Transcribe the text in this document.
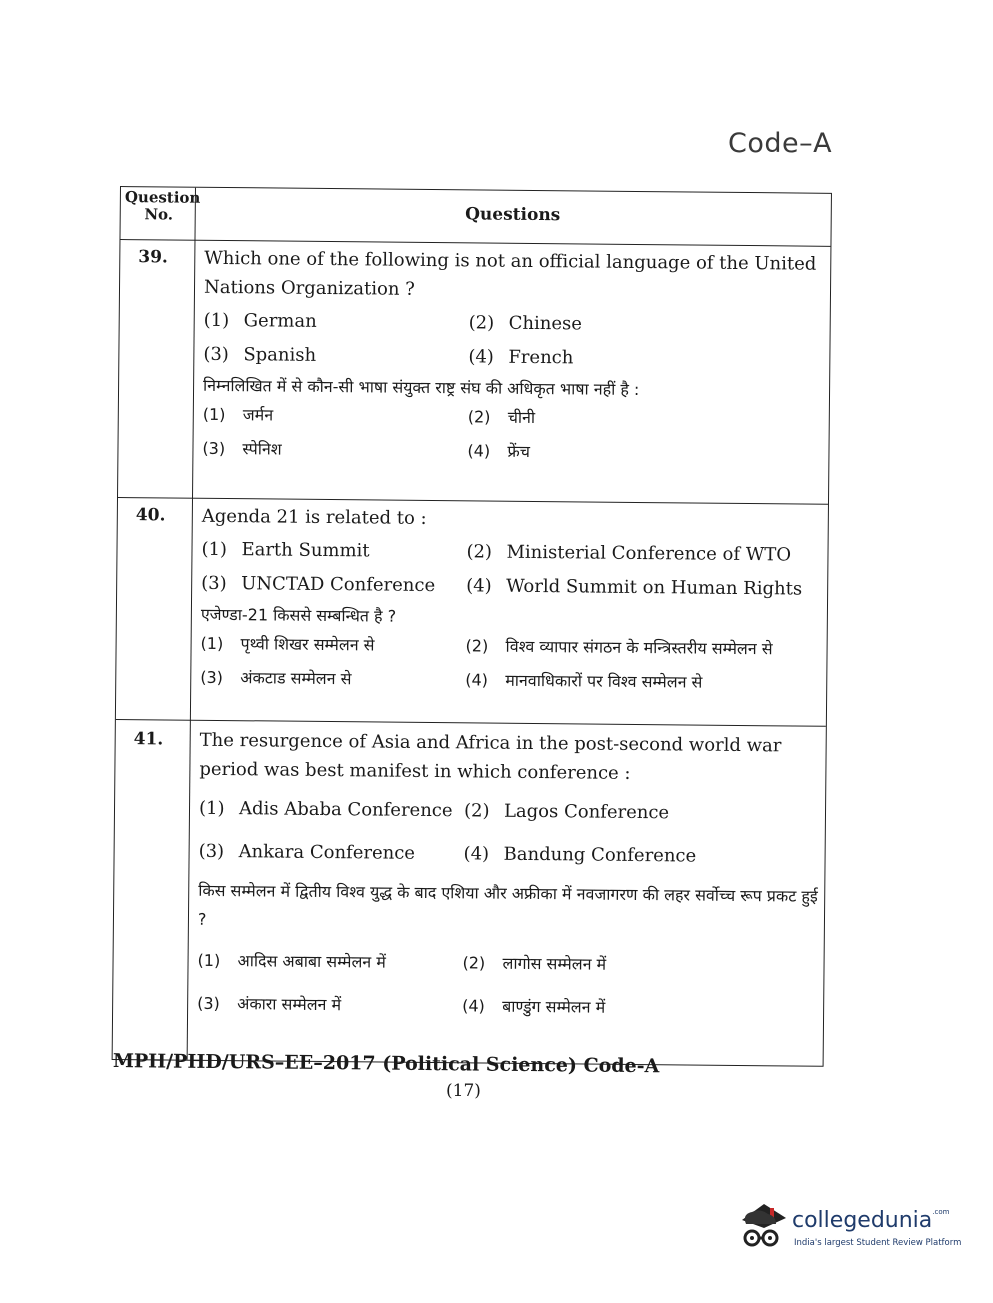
Code–A
Question
No.	Questions
39.	Which one of the following is not an official language of the United Nations Organization ?

(1) German	(2) Chinese
(3) Spanish	(4) French

निम्नलिखित में से कौन-सी भाषा संयुक्त राष्ट्र संघ की अधिकृत भाषा नहीं है :

(1) जर्मन	(2) चीनी
(3) स्पेनिश	(4) फ्रेंच
40.	Agenda 21 is related to :

(1) Earth Summit	(2) Ministerial Conference of WTO
(3) UNCTAD Conference	(4) World Summit on Human Rights

एजेण्डा-21 किससे सम्बन्धित है ?

(1) पृथ्वी शिखर सम्मेलन से	(2) विश्व व्यापार संगठन के मन्त्रिस्तरीय सम्मेलन से
(3) अंकटाड सम्मेलन से	(4) मानवाधिकारों पर विश्व सम्मेलन से
41.	The resurgence of Asia and Africa in the post-second world war period was best manifest in which conference :

(1) Adis Ababa Conference (2) Lagos Conference
(3) Ankara Conference	(4) Bandung Conference

किस सम्मेलन में द्वितीय विश्व युद्ध के बाद एशिया और अफ्रीका में नवजागरण की लहर सर्वोच्च रूप प्रकट हुई ?

(1) आदिस अबाबा सम्मेलन में	(2) लागोस सम्मेलन में
(3) अंकारा सम्मेलन में	(4) बाण्डुंग सम्मेलन में
MPH/PHD/URS–EE–2017 (Political Science) Code-A
(17)
collegedunia$^{.com}$
India's largest Student Review Platform
